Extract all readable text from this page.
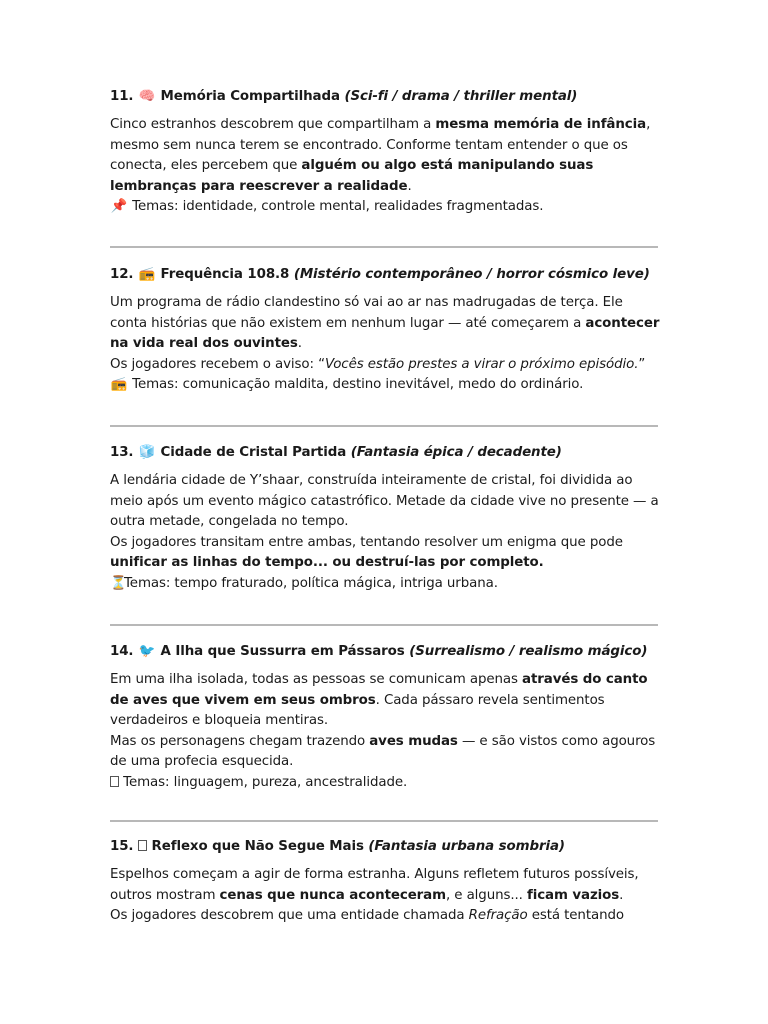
11. 🧠 Memória Compartilhada (Sci-fi / drama / thriller mental)
Cinco estranhos descobrem que compartilham a mesma memória de infância,
mesmo sem nunca terem se encontrado. Conforme tentam entender o que os
conecta, eles percebem que alguém ou algo está manipulando suas
lembranças para reescrever a realidade.
📌 Temas: identidade, controle mental, realidades fragmentadas.
12. 📻 Frequência 108.8 (Mistério contemporâneo / horror cósmico leve)
Um programa de rádio clandestino só vai ao ar nas madrugadas de terça. Ele
conta histórias que não existem em nenhum lugar — até começarem a acontecer
na vida real dos ouvintes.
Os jogadores recebem o aviso: “Vocês estão prestes a virar o próximo episódio.”
📻 Temas: comunicação maldita, destino inevitável, medo do ordinário.
13. 🧊 Cidade de Cristal Partida (Fantasia épica / decadente)
A lendária cidade de Y’shaar, construída inteiramente de cristal, foi dividida ao
meio após um evento mágico catastrófico. Metade da cidade vive no presente — a
outra metade, congelada no tempo.
Os jogadores transitam entre ambas, tentando resolver um enigma que pode
unificar as linhas do tempo... ou destruí-las por completo.
⏳Temas: tempo fraturado, política mágica, intriga urbana.
14. 🐦 A Ilha que Sussurra em Pássaros (Surrealismo / realismo mágico)
Em uma ilha isolada, todas as pessoas se comunicam apenas através do canto
de aves que vivem em seus ombros. Cada pássaro revela sentimentos
verdadeiros e bloqueia mentiras.
Mas os personagens chegam trazendo aves mudas — e são vistos como agouros
de uma profecia esquecida.
Temas: linguagem, pureza, ancestralidade.
15. Reflexo que Não Segue Mais (Fantasia urbana sombria)
Espelhos começam a agir de forma estranha. Alguns refletem futuros possíveis,
outros mostram cenas que nunca aconteceram, e alguns... ficam vazios.
Os jogadores descobrem que uma entidade chamada Refração está tentando
